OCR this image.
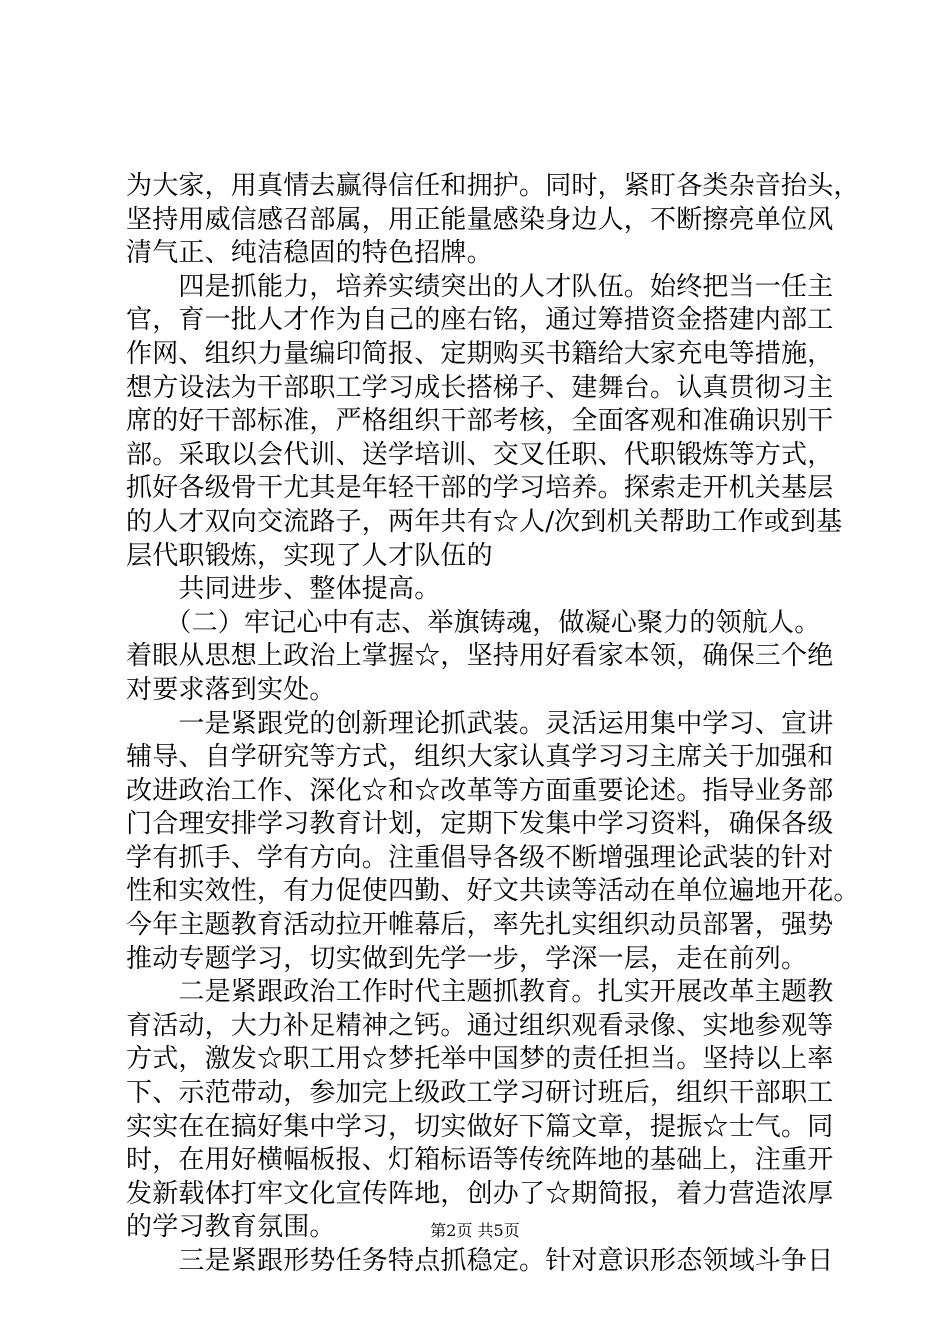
为大家，用真情去赢得信任和拥护。同时，紧盯各类杂音抬头，
坚持用威信感召部属，用正能量感染身边人，不断擦亮单位风
清气正、纯洁稳固的特色招牌。
　　四是抓能力，培养实绩突出的人才队伍。始终把当一任主
官，育一批人才作为自己的座右铭，通过筹措资金搭建内部工
作网、组织力量编印简报、定期购买书籍给大家充电等措施，
想方设法为干部职工学习成长搭梯子、建舞台。认真贯彻习主
席的好干部标准，严格组织干部考核，全面客观和准确识别干
部。采取以会代训、送学培训、交叉任职、代职锻炼等方式，
抓好各级骨干尤其是年轻干部的学习培养。探索走开机关基层
的人才双向交流路子，两年共有☆人/次到机关帮助工作或到基
层代职锻炼，实现了人才队伍的
　　共同进步、整体提高。
　　（二）牢记心中有志、举旗铸魂，做凝心聚力的领航人。
着眼从思想上政治上掌握☆，坚持用好看家本领，确保三个绝
对要求落到实处。
　　一是紧跟党的创新理论抓武装。灵活运用集中学习、宣讲
辅导、自学研究等方式，组织大家认真学习习主席关于加强和
改进政治工作、深化☆和☆改革等方面重要论述。指导业务部
门合理安排学习教育计划，定期下发集中学习资料，确保各级
学有抓手、学有方向。注重倡导各级不断增强理论武装的针对
性和实效性，有力促使四勤、好文共读等活动在单位遍地开花。
今年主题教育活动拉开帷幕后，率先扎实组织动员部署，强势
推动专题学习，切实做到先学一步，学深一层，走在前列。
　　二是紧跟政治工作时代主题抓教育。扎实开展改革主题教
育活动，大力补足精神之钙。通过组织观看录像、实地参观等
方式，激发☆职工用☆梦托举中国梦的责任担当。坚持以上率
下、示范带动，参加完上级政工学习研讨班后，组织干部职工
实实在在搞好集中学习，切实做好下篇文章，提振☆士气。同
时，在用好横幅板报、灯箱标语等传统阵地的基础上，注重开
发新载体打牢文化宣传阵地，创办了☆期简报，着力营造浓厚
的学习教育氛围。
　　三是紧跟形势任务特点抓稳定。针对意识形态领域斗争日
第2页 共5页
